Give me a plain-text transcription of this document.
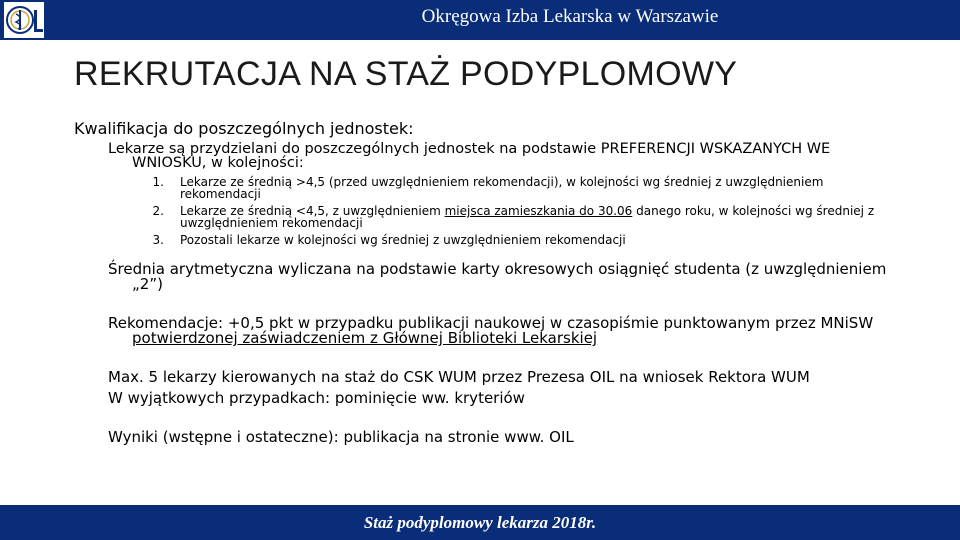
Okręgowa Izba Lekarska w Warszawie
REKRUTACJA NA STAŻ PODYPLOMOWY

Kwalifikacja do poszczególnych jednostek:

Lekarze są przydzielani do poszczególnych jednostek na podstawie PREFERENCJI WSKAZANYCH WE WNIOSKU, w kolejności:

1. Lekarze ze średnią >4,5 (przed uwzględnieniem rekomendacji), w kolejności wg średniej z uwzględnieniem rekomendacji
2. Lekarze ze średnią <4,5, z uwzględnieniem miejsca zamieszkania do 30.06 danego roku, w kolejności wg średniej z uwzględnieniem rekomendacji
3. Pozostali lekarze w kolejności wg średniej z uwzględnieniem rekomendacji

Średnia arytmetyczna wyliczana na podstawie karty okresowych osiągnięć studenta (z uwzględnieniem „2”)

Rekomendacje: +0,5 pkt w przypadku publikacji naukowej w czasopiśmie punktowanym przez MNiSW potwierdzonej zaświadczeniem z Głównej Biblioteki Lekarskiej

Max. 5 lekarzy kierowanych na staż do CSK WUM przez Prezesa OIL na wniosek Rektora WUM

W wyjątkowych przypadkach: pominięcie ww. kryteriów

Wyniki (wstępne i ostateczne): publikacja na stronie www. OIL

Staż podyplomowy lekarza 2018r.
